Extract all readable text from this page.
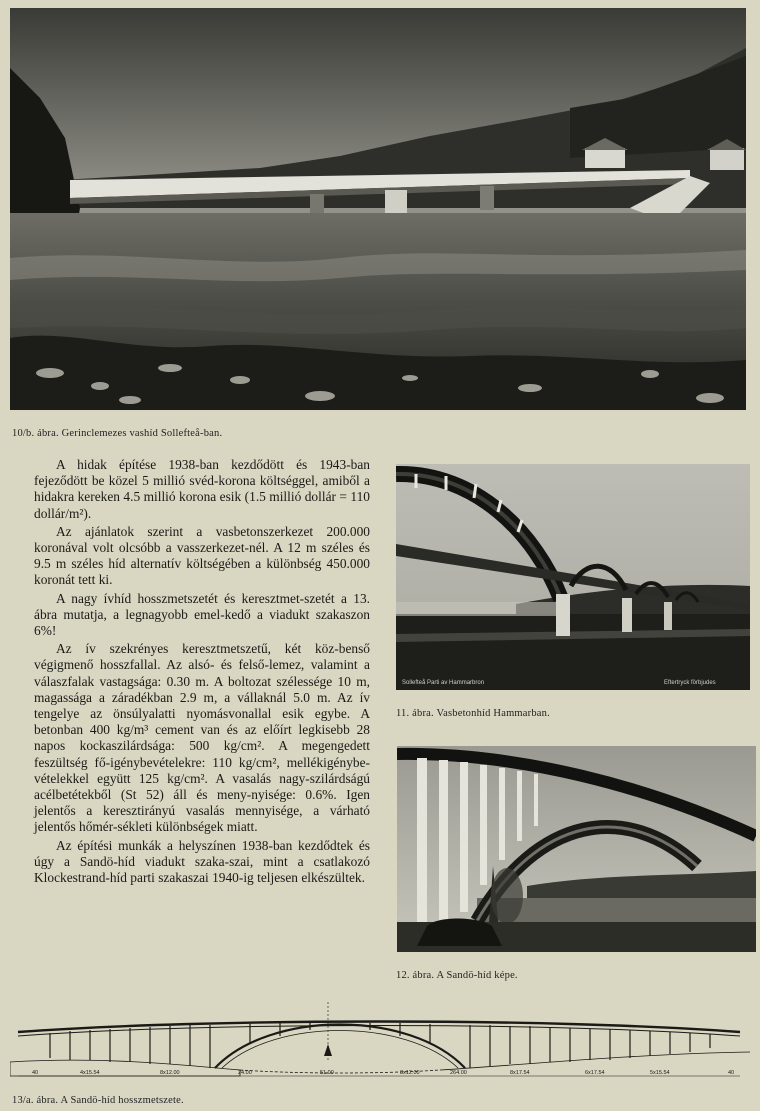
10/b. ábra. Gerinclemezes vashíd Sollefteå-ban.

A hidak építése 1938-ban kezdődött és 1943-ban fejeződött be közel 5 millió svéd-korona költséggel, amiből a hidakra kereken 4.5 millió korona esik (1.5 millió dollár = 110 dollár/m²).

Az ajánlatok szerint a vasbetonszerkezet 200.000 koronával volt olcsóbb a vasszerkezet-nél. A 12 m széles és 9.5 m széles híd alternatív költségében a különbség 450.000 koronát tett ki.

A nagy ívhíd hosszmetszetét és keresztmet-szetét a 13. ábra mutatja, a legnagyobb emel-kedő a viadukt szakaszon 6%!

Az ív szekrényes keresztmetszetű, két köz-benső végigmenő hosszfallal. Az alsó- és felső-lemez, valamint a válaszfalak vastagsága: 0.30 m. A boltozat szélessége 10 m, magassága a záradékban 2.9 m, a vállaknál 5.0 m. Az ív tengelye az önsúlyalatti nyomásvonallal esik egybe. A betonban 400 kg/m³ cement van és az előírt legkisebb 28 napos kockaszilárdsága: 500 kg/cm². A megengedett feszültség fő-igénybevételekre: 110 kg/cm², mellékigénybe-vételekkel együtt 125 kg/cm². A vasalás nagy-szilárdságú acélbetétekből (St 52) áll és meny-nyisége: 0.6%. Igen jelentős a keresztirányú vasalás mennyisége, a várható jelentős hőmér-sékleti különbségek miatt.

Az építési munkák a helyszínen 1938-ban kezdődtek és úgy a Sandö-híd viadukt szaka-szai, mint a csatlakozó Klockestrand-híd parti szakaszai 1940-ig teljesen elkészültek.

Sollefteå Parti av Hammarbron	Eftertryck förbjudes
11. ábra. Vasbetonhíd Hammarban.
12. ábra. A Sandö-híd képe.
40	4x15.54	8x12.00	24.00	51.00	8x12.00	264.00	8x17.54	6x17.54	5x15.54	40
13/a. ábra. A Sandö-híd hosszmetszete.
